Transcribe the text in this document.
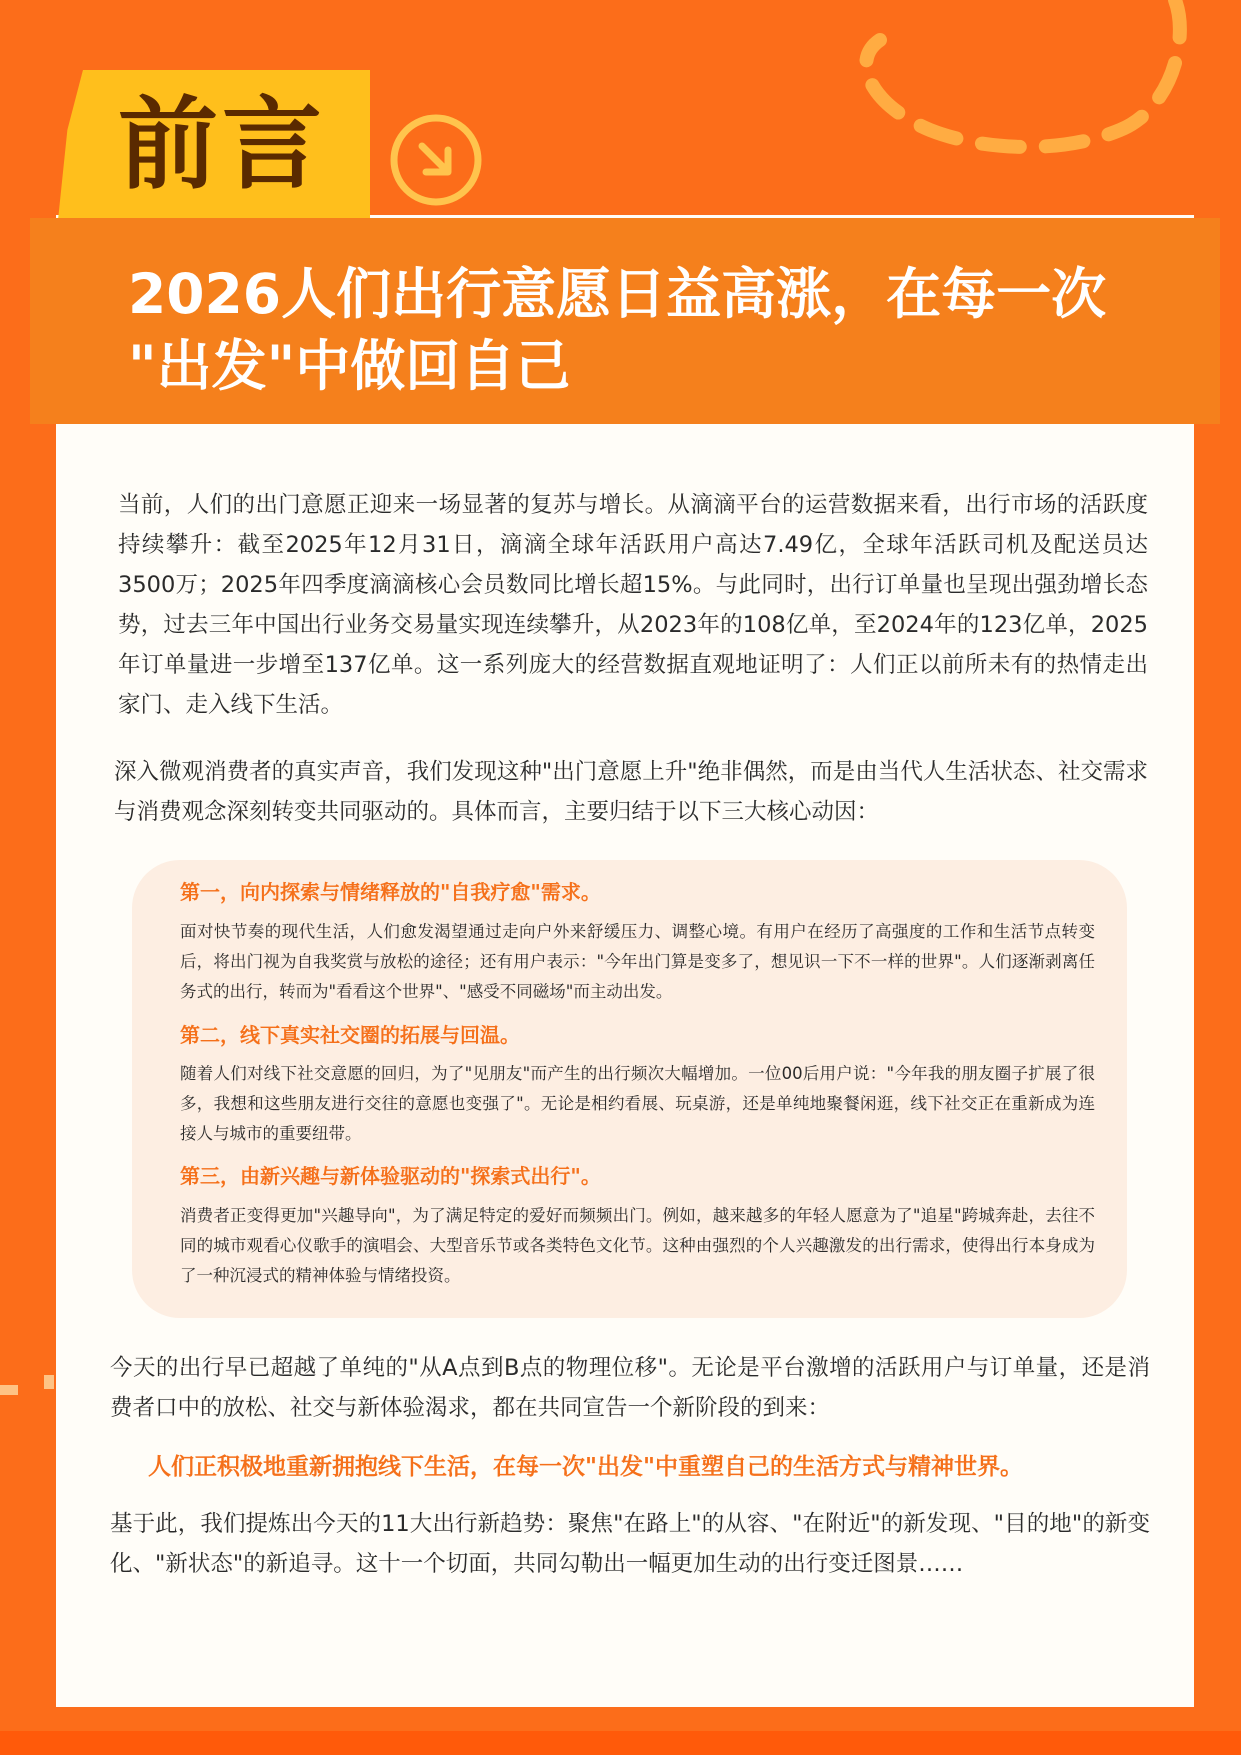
前言
2026人们出行意愿日益高涨，在每一次
"出发"中做回自己

当前，人们的出门意愿正迎来一场显著的复苏与增长。从滴滴平台的运营数据来看，出行市场的活跃度持续攀升：截至2025年12月31日，滴滴全球年活跃用户高达7.49亿，全球年活跃司机及配送员达3500万；2025年四季度滴滴核心会员数同比增长超15%。与此同时，出行订单量也呈现出强劲增长态势，过去三年中国出行业务交易量实现连续攀升，从2023年的108亿单，至2024年的123亿单，2025年订单量进一步增至137亿单。这一系列庞大的经营数据直观地证明了：人们正以前所未有的热情走出家门、走入线下生活。

深入微观消费者的真实声音，我们发现这种"出门意愿上升"绝非偶然，而是由当代人生活状态、社交需求与消费观念深刻转变共同驱动的。具体而言，主要归结于以下三大核心动因：

第一，向内探索与情绪释放的"自我疗愈"需求。

面对快节奏的现代生活，人们愈发渴望通过走向户外来舒缓压力、调整心境。有用户在经历了高强度的工作和生活节点转变后，将出门视为自我奖赏与放松的途径；还有用户表示："今年出门算是变多了，想见识一下不一样的世界"。人们逐渐剥离任务式的出行，转而为"看看这个世界"、"感受不同磁场"而主动出发。

第二，线下真实社交圈的拓展与回温。

随着人们对线下社交意愿的回归，为了"见朋友"而产生的出行频次大幅增加。一位00后用户说："今年我的朋友圈子扩展了很多，我想和这些朋友进行交往的意愿也变强了"。无论是相约看展、玩桌游，还是单纯地聚餐闲逛，线下社交正在重新成为连接人与城市的重要纽带。

第三，由新兴趣与新体验驱动的"探索式出行"。

消费者正变得更加"兴趣导向"，为了满足特定的爱好而频频出门。例如，越来越多的年轻人愿意为了"追星"跨城奔赴，去往不同的城市观看心仪歌手的演唱会、大型音乐节或各类特色文化节。这种由强烈的个人兴趣激发的出行需求，使得出行本身成为了一种沉浸式的精神体验与情绪投资。

今天的出行早已超越了单纯的"从A点到B点的物理位移"。无论是平台激增的活跃用户与订单量，还是消费者口中的放松、社交与新体验渴求，都在共同宣告一个新阶段的到来：

人们正积极地重新拥抱线下生活，在每一次"出发"中重塑自己的生活方式与精神世界。

基于此，我们提炼出今天的11大出行新趋势：聚焦"在路上"的从容、"在附近"的新发现、"目的地"的新变化、"新状态"的新追寻。这十一个切面，共同勾勒出一幅更加生动的出行变迁图景……
